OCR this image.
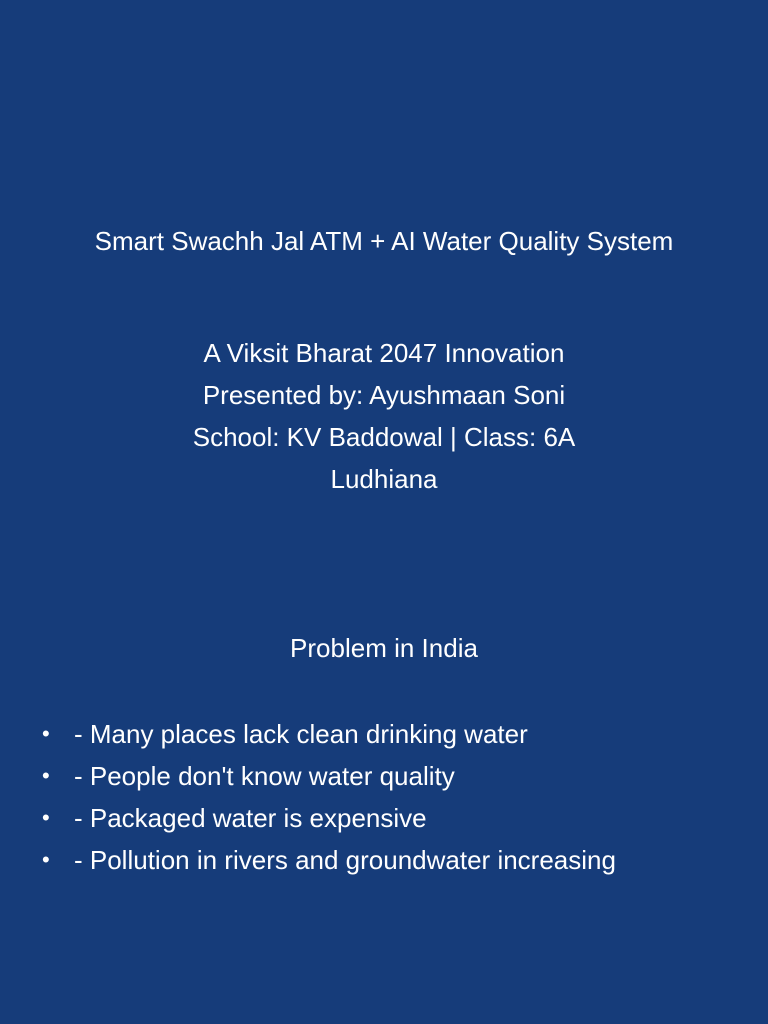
Smart Swachh Jal ATM + AI Water Quality System
A Viksit Bharat 2047 Innovation
Presented by: Ayushmaan Soni
School: KV Baddowal | Class: 6A
Ludhiana
Problem in India
• - Many places lack clean drinking water
• - People don't know water quality
• - Packaged water is expensive
• - Pollution in rivers and groundwater increasing
